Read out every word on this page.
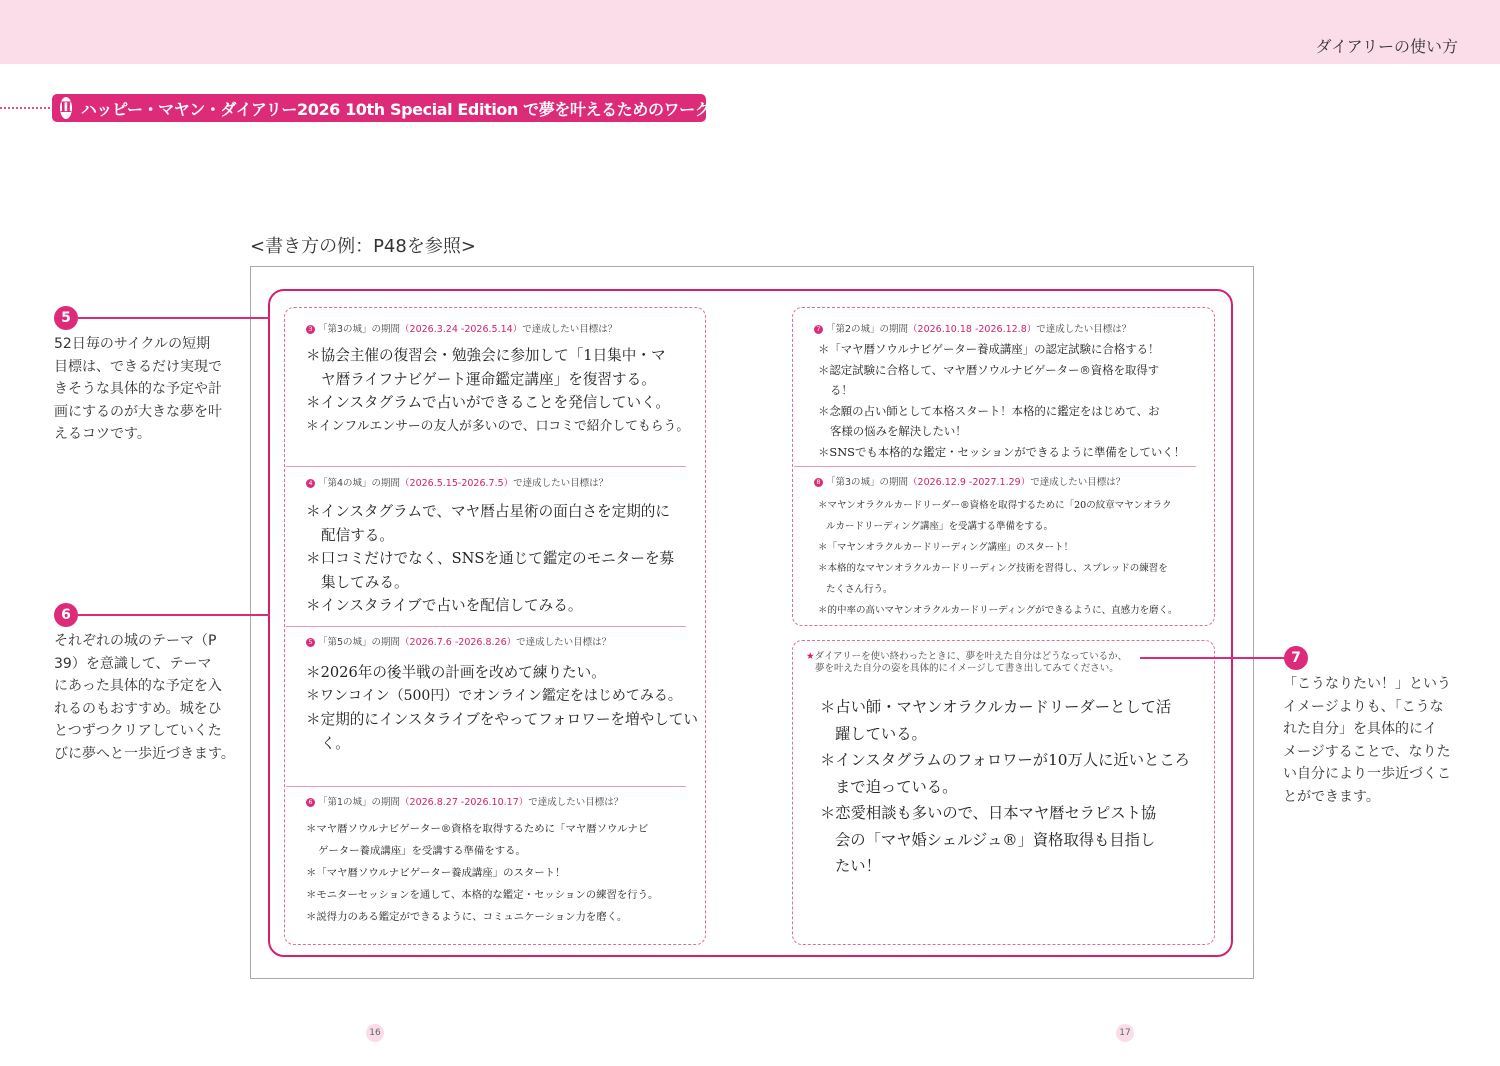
ダイアリーの使い方
Ⅱ ハッピー・マヤン・ダイアリー2026 10th Special Edition で夢を叶えるためのワークシート
<書き方の例：P48を参照>
3 「第3の城」の期間（2026.3.24 -2026.5.14）で達成したい目標は？
＊協会主催の復習会・勉強会に参加して「1日集中・マ
ヤ暦ライフナビゲート運命鑑定講座」を復習する。
＊インスタグラムで占いができることを発信していく。
＊インフルエンサーの友人が多いので、口コミで紹介してもらう。
4 「第4の城」の期間（2026.5.15-2026.7.5）で達成したい目標は？
＊インスタグラムで、マヤ暦占星術の面白さを定期的に
配信する。
＊口コミだけでなく、SNSを通じて鑑定のモニターを募
集してみる。
＊インスタライブで占いを配信してみる。
5 「第5の城」の期間（2026.7.6 -2026.8.26）で達成したい目標は？
＊2026年の後半戦の計画を改めて練りたい。
＊ワンコイン（500円）でオンライン鑑定をはじめてみる。
＊定期的にインスタライブをやってフォロワーを増やしてい
く。
6 「第1の城」の期間（2026.8.27 -2026.10.17）で達成したい目標は？
＊マヤ暦ソウルナビゲーター®資格を取得するために「マヤ暦ソウルナビ
ゲーター養成講座」を受講する準備をする。
＊「マヤ暦ソウルナビゲーター養成講座」のスタート！
＊モニターセッションを通して、本格的な鑑定・セッションの練習を行う。
＊説得力のある鑑定ができるように、コミュニケーション力を磨く。
7 「第2の城」の期間（2026.10.18 -2026.12.8）で達成したい目標は？
＊「マヤ暦ソウルナビゲーター養成講座」の認定試験に合格する！
＊認定試験に合格して、マヤ暦ソウルナビゲーター®資格を取得す
る！
＊念願の占い師として本格スタート！本格的に鑑定をはじめて、お
客様の悩みを解決したい！
＊SNSでも本格的な鑑定・セッションができるように準備をしていく！
8 「第3の城」の期間（2026.12.9 -2027.1.29）で達成したい目標は？
＊マヤンオラクルカードリーダー®資格を取得するために「20の紋章マヤンオラク
ルカードリーディング講座」を受講する準備をする。
＊「マヤンオラクルカードリーディング講座」のスタート！
＊本格的なマヤンオラクルカードリーディング技術を習得し、スプレッドの練習を
たくさん行う。
＊的中率の高いマヤンオラクルカードリーディングができるように、直感力を磨く。
★ダイアリーを使い終わったときに、夢を叶えた自分はどうなっているか、
夢を叶えた自分の姿を具体的にイメージして書き出してみてください。
＊占い師・マヤンオラクルカードリーダーとして活
躍している。
＊インスタグラムのフォロワーが10万人に近いところ
まで迫っている。
＊恋愛相談も多いので、日本マヤ暦セラピスト協
会の「マヤ婚シェルジュ®」資格取得も目指し
たい！
5
52日毎のサイクルの短期
目標は、できるだけ実現で
きそうな具体的な予定や計
画にするのが大きな夢を叶
えるコツです。
6
それぞれの城のテーマ（P
39）を意識して、テーマ
にあった具体的な予定を入
れるのもおすすめ。城をひ
とつずつクリアしていくた
びに夢へと一歩近づきます。
7
「こうなりたい！」という
イメージよりも、「こうな
れた自分」を具体的にイ
メージすることで、なりた
い自分により一歩近づくこ
とができます。
16	17
